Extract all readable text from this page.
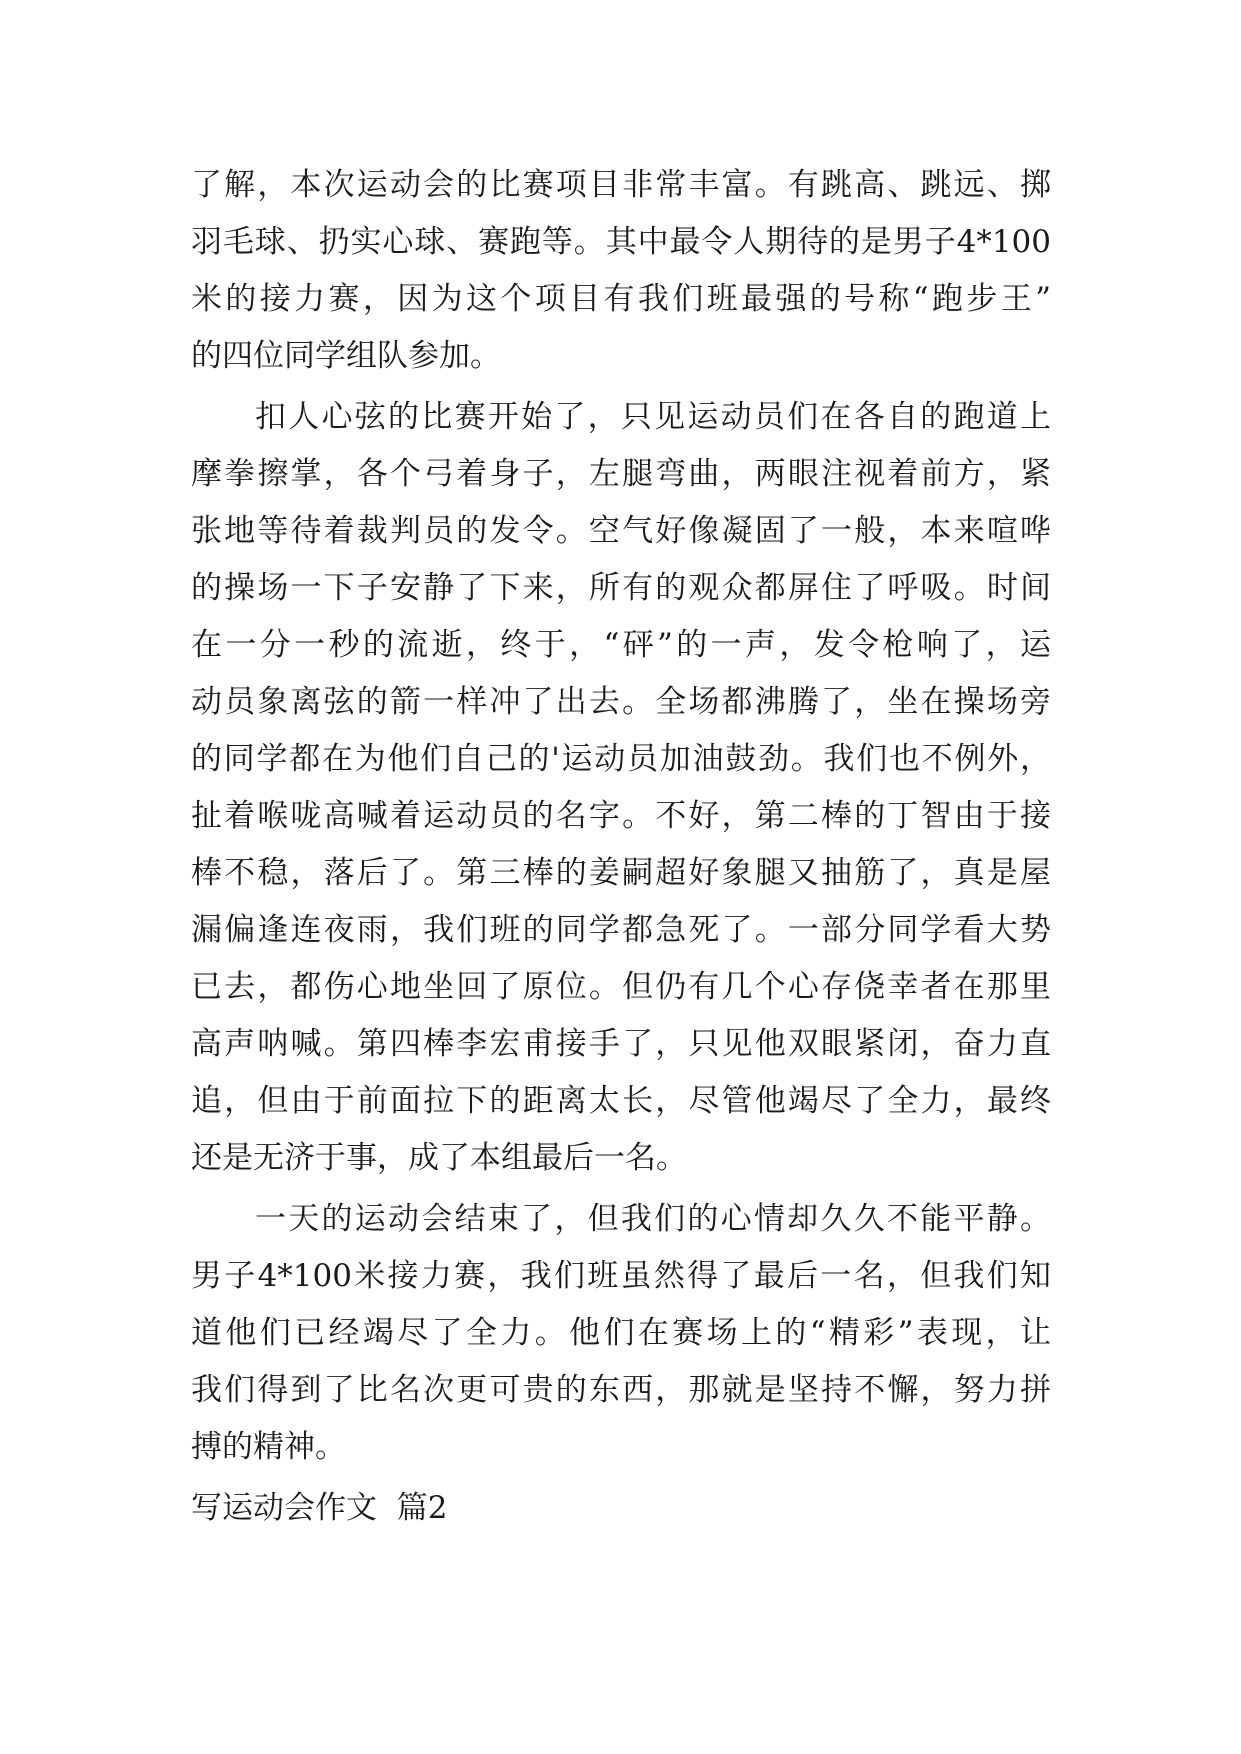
了解，本次运动会的比赛项目非常丰富。有跳高、跳远、掷
羽毛球、扔实心球、赛跑等。其中最令人期待的是男子4*100
米的接力赛，因为这个项目有我们班最强的号称“跑步王”
的四位同学组队参加。
扣人心弦的比赛开始了，只见运动员们在各自的跑道上
摩拳擦掌，各个弓着身子，左腿弯曲，两眼注视着前方，紧
张地等待着裁判员的发令。空气好像凝固了一般，本来喧哗
的操场一下子安静了下来，所有的观众都屏住了呼吸。时间
在一分一秒的流逝，终于，“砰”的一声，发令枪响了，运
动员象离弦的箭一样冲了出去。全场都沸腾了，坐在操场旁
的同学都在为他们自己的'运动员加油鼓劲。我们也不例外，
扯着喉咙高喊着运动员的名字。不好，第二棒的丁智由于接
棒不稳，落后了。第三棒的姜嗣超好象腿又抽筋了，真是屋
漏偏逢连夜雨，我们班的同学都急死了。一部分同学看大势
已去，都伤心地坐回了原位。但仍有几个心存侥幸者在那里
高声呐喊。第四棒李宏甫接手了，只见他双眼紧闭，奋力直
追，但由于前面拉下的距离太长，尽管他竭尽了全力，最终
还是无济于事，成了本组最后一名。
一天的运动会结束了，但我们的心情却久久不能平静。
男子4*100米接力赛，我们班虽然得了最后一名，但我们知
道他们已经竭尽了全力。他们在赛场上的“精彩”表现，让
我们得到了比名次更可贵的东西，那就是坚持不懈，努力拼
搏的精神。
写运动会作文  篇2
